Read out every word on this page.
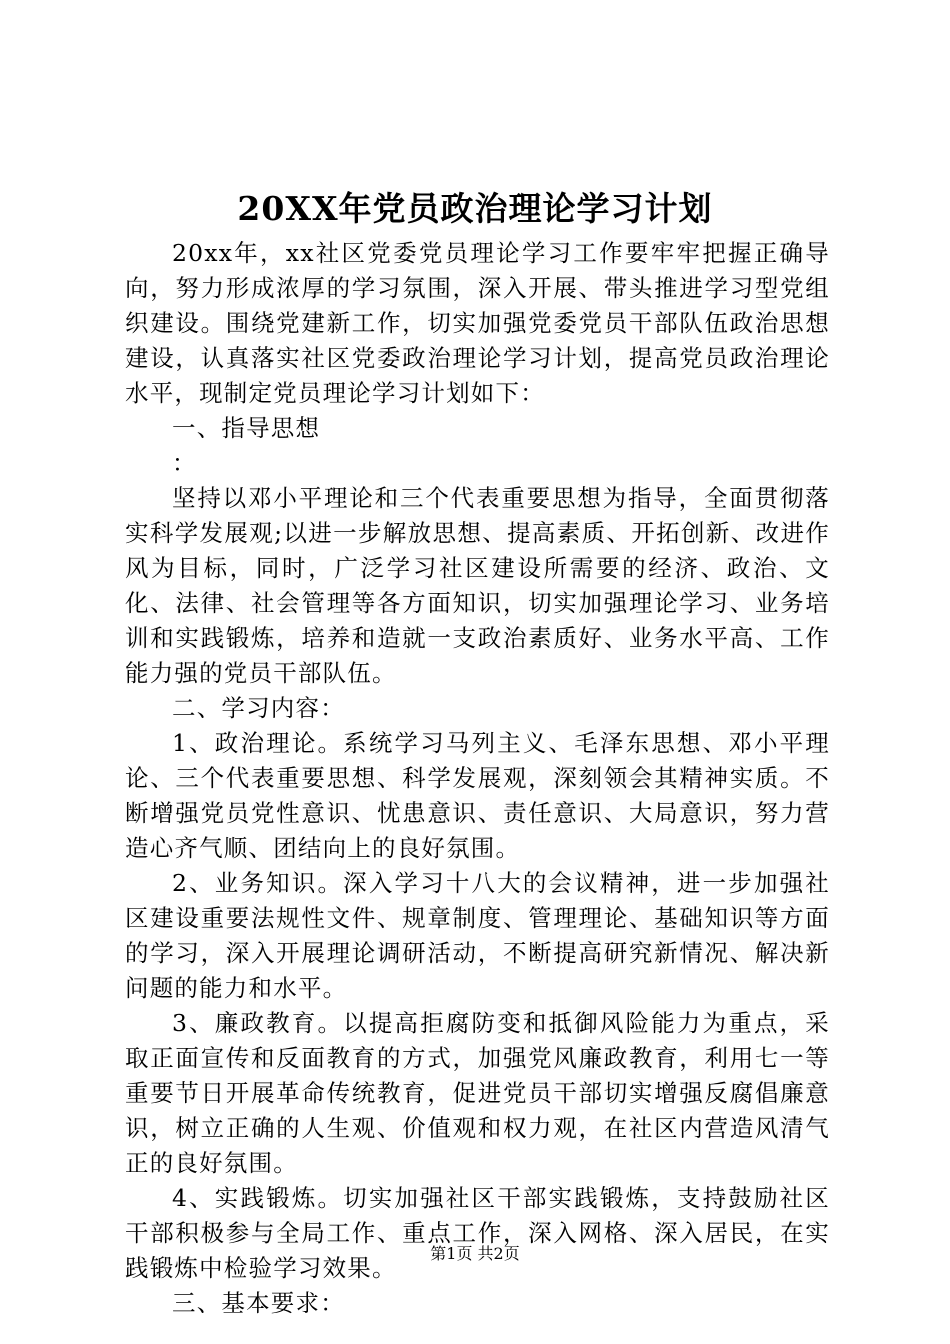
20XX年党员政治理论学习计划

20xx年，xx社区党委党员理论学习工作要牢牢把握正确导向，努力形成浓厚的学习氛围，深入开展、带头推进学习型党组织建设。围绕党建新工作，切实加强党委党员干部队伍政治思想建设，认真落实社区党委政治理论学习计划，提高党员政治理论水平，现制定党员理论学习计划如下：

一、指导思想

：

坚持以邓小平理论和三个代表重要思想为指导，全面贯彻落实科学发展观;以进一步解放思想、提高素质、开拓创新、改进作风为目标，同时，广泛学习社区建设所需要的经济、政治、文化、法律、社会管理等各方面知识，切实加强理论学习、业务培训和实践锻炼，培养和造就一支政治素质好、业务水平高、工作能力强的党员干部队伍。

二、学习内容：

1、政治理论。系统学习马列主义、毛泽东思想、邓小平理论、三个代表重要思想、科学发展观，深刻领会其精神实质。不断增强党员党性意识、忧患意识、责任意识、大局意识，努力营造心齐气顺、团结向上的良好氛围。

2、业务知识。深入学习十八大的会议精神，进一步加强社区建设重要法规性文件、规章制度、管理理论、基础知识等方面的学习，深入开展理论调研活动，不断提高研究新情况、解决新问题的能力和水平。

3、廉政教育。以提高拒腐防变和抵御风险能力为重点，采取正面宣传和反面教育的方式，加强党风廉政教育，利用七一等重要节日开展革命传统教育，促进党员干部切实增强反腐倡廉意识，树立正确的人生观、价值观和权力观，在社区内营造风清气正的良好氛围。

4、实践锻炼。切实加强社区干部实践锻炼，支持鼓励社区干部积极参与全局工作、重点工作，深入网格、深入居民，在实践锻炼中检验学习效果。

三、基本要求：

第1页 共2页
